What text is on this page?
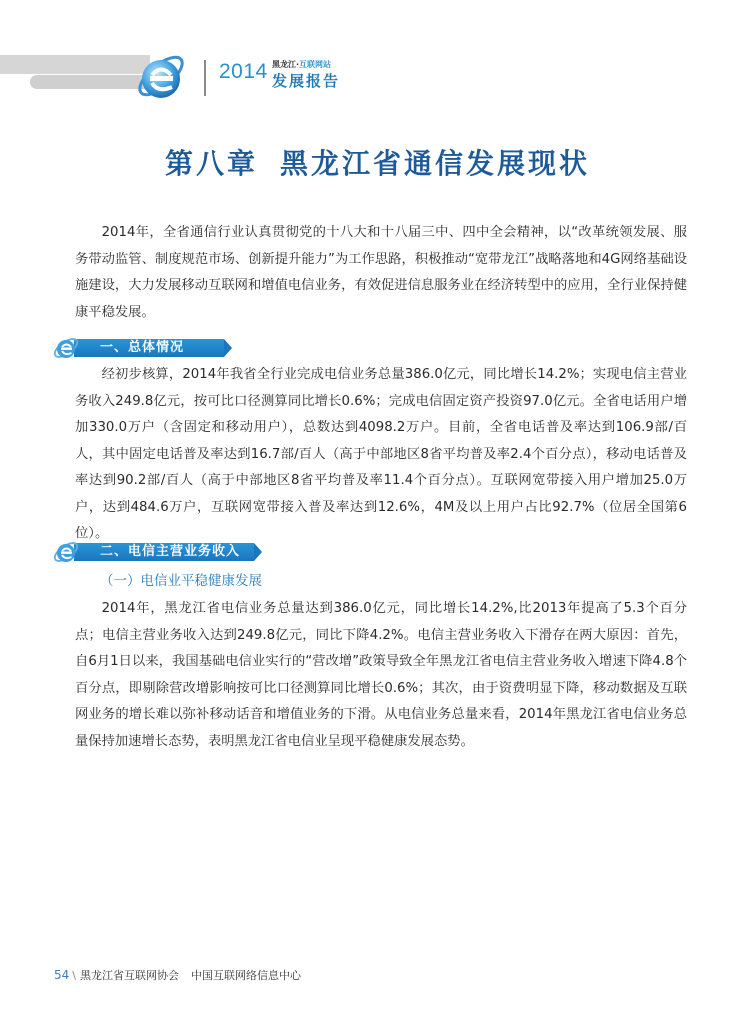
2014 黑龙江·互联网站
发展报告
第八章 黑龙江省通信发展现状

2014年，全省通信行业认真贯彻党的十八大和十八届三中、四中全会精神，以“改革统领发展、服务带动监管、制度规范市场、创新提升能力”为工作思路，积极推动“宽带龙江”战略落地和4G网络基础设施建设，大力发展移动互联网和增值电信业务，有效促进信息服务业在经济转型中的应用，全行业保持健康平稳发展。

一、总体情况

经初步核算，2014年我省全行业完成电信业务总量386.0亿元，同比增长14.2%；实现电信主营业务收入249.8亿元，按可比口径测算同比增长0.6%；完成电信固定资产投资97.0亿元。全省电话用户增加330.0万户（含固定和移动用户），总数达到4098.2万户。目前，全省电话普及率达到106.9部/百人，其中固定电话普及率达到16.7部/百人（高于中部地区8省平均普及率2.4个百分点），移动电话普及率达到90.2部/百人（高于中部地区8省平均普及率11.4个百分点）。互联网宽带接入用户增加25.0万户，达到484.6万户，互联网宽带接入普及率达到12.6%，4M及以上用户占比92.7%（位居全国第6位）。

二、电信主营业务收入
（一）电信业平稳健康发展

2014年，黑龙江省电信业务总量达到386.0亿元，同比增长14.2%,比2013年提高了5.3个百分点；电信主营业务收入达到249.8亿元，同比下降4.2%。电信主营业务收入下滑存在两大原因：首先，自6月1日以来，我国基础电信业实行的“营改增”政策导致全年黑龙江省电信主营业务收入增速下降4.8个百分点，即剔除营改增影响按可比口径测算同比增长0.6%；其次，由于资费明显下降，移动数据及互联网业务的增长难以弥补移动话音和增值业务的下滑。从电信业务总量来看，2014年黑龙江省电信业务总量保持加速增长态势，表明黑龙江省电信业呈现平稳健康发展态势。

54 \ 黑龙江省互联网协会 中国互联网络信息中心
